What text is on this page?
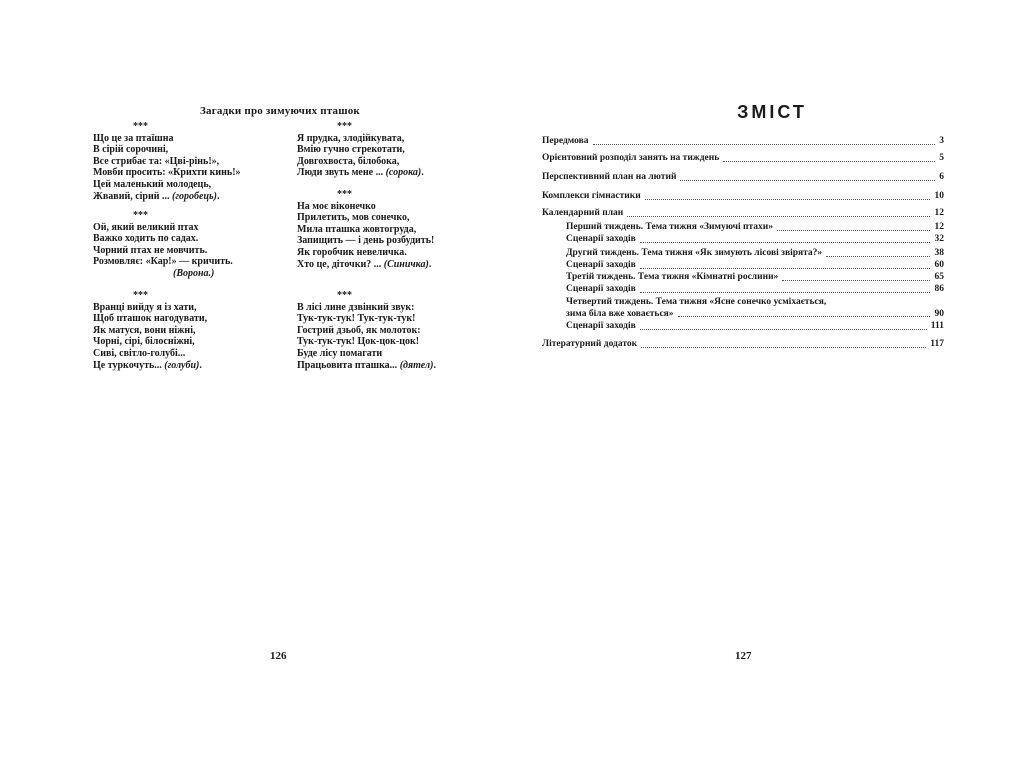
Загадки про зимуючих пташок
***
Що це за птаїшна
В сірій сорочині,
Все стрибає та: «Цві-рінь!»,
Мовби просить: «Крихти кинь!»
Цей маленький молодець,
Жвавий, сірий ... (горобець).
***
Ой, який великий птах
Важко ходить по садах.
Чорний птах не мовчить.
Розмовляє: «Кар!» — кричить.
(Ворона.)
***
Вранці вийду я із хати,
Щоб пташок нагодувати,
Як матуся, вони ніжні,
Чорні, сірі, білосніжні,
Сиві, світло-голубі...
Це туркочуть... (голуби).
***
Я прудка, злодійкувата,
Вмію гучно стрекотати,
Довгохвоста, білобока,
Люди звуть мене ... (сорока).
***
На моє віконечко
Прилетить, мов сонечко,
Мила пташка жовтогруда,
Запищить — і день розбудить!
Як горобчик невеличка.
Хто це, діточки? ... (Синичка).
***
В лісі лине дзвінкий звук:
Тук-тук-тук! Тук-тук-тук!
Гострий дзьоб, як молоток:
Тук-тук-тук! Цок-цок-цок!
Буде лісу помагати
Працьовита пташка... (дятел).
126
ЗМІСТ
Передмова	3
Орієнтовний розподіл занять на тиждень	5
Перспективний план на лютий	6
Комплекси гімнастики	10
Календарний план	12
Перший тиждень. Тема тижня «Зимуючі птахи»	12
Сценарії заходів	32
Другий тиждень. Тема тижня «Як зимують лісові звірята?»	38
Сценарії заходів	60
Третій тиждень. Тема тижня «Кімнатні рослини»	65
Сценарії заходів	86
Четвертий тиждень. Тема тижня «Ясне сонечко усміхається,
зима біла вже ховається»	90
Сценарії заходів	111
Літературний додаток	117
127
